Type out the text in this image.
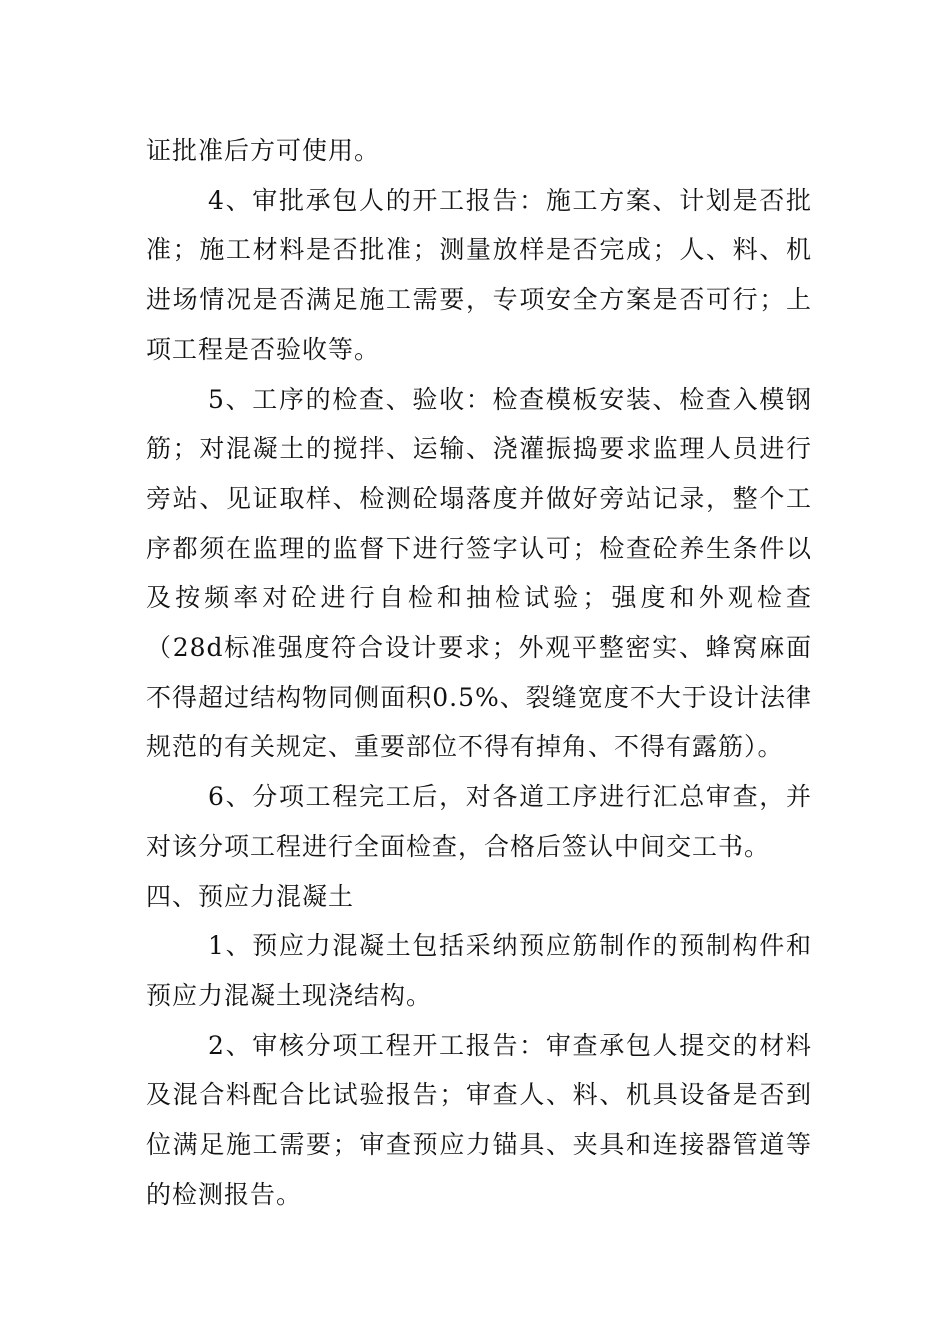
证批准后方可使用。

4、审批承包人的开工报告：施工方案、计划是否批准；施工材料是否批准；测量放样是否完成；人、料、机进场情况是否满足施工需要，专项安全方案是否可行；上项工程是否验收等。

5、工序的检查、验收：检查模板安装、检查入模钢筋；对混凝土的搅拌、运输、浇灌振捣要求监理人员进行旁站、见证取样、检测砼塌落度并做好旁站记录，整个工序都须在监理的监督下进行签字认可；检查砼养生条件以及按频率对砼进行自检和抽检试验；强度和外观检查（28d标准强度符合设计要求；外观平整密实、蜂窝麻面不得超过结构物同侧面积0.5%、裂缝宽度不大于设计法律规范的有关规定、重要部位不得有掉角、不得有露筋）。

6、分项工程完工后，对各道工序进行汇总审查，并对该分项工程进行全面检查，合格后签认中间交工书。

四、预应力混凝土

1、预应力混凝土包括采纳预应筋制作的预制构件和预应力混凝土现浇结构。

2、审核分项工程开工报告：审查承包人提交的材料及混合料配合比试验报告；审查人、料、机具设备是否到位满足施工需要；审查预应力锚具、夹具和连接器管道等的检测报告。
